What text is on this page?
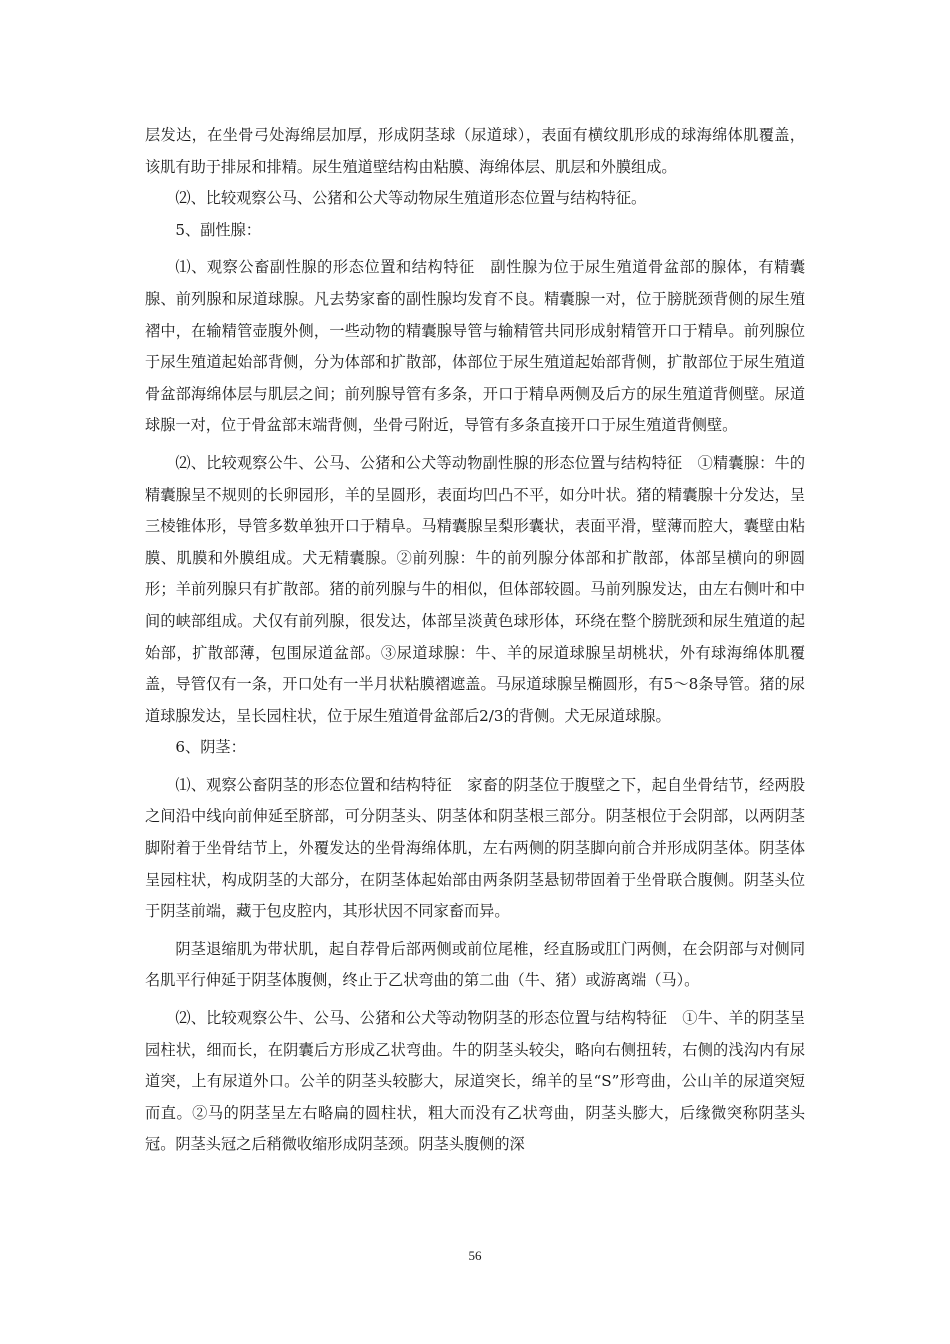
层发达，在坐骨弓处海绵层加厚，形成阴茎球（尿道球），表面有横纹肌形成的球海绵体肌覆盖，该肌有助于排尿和排精。尿生殖道壁结构由粘膜、海绵体层、肌层和外膜组成。

⑵、比较观察公马、公猪和公犬等动物尿生殖道形态位置与结构特征。

5、副性腺：

⑴、观察公畜副性腺的形态位置和结构特征　副性腺为位于尿生殖道骨盆部的腺体，有精囊腺、前列腺和尿道球腺。凡去势家畜的副性腺均发育不良。精囊腺一对，位于膀胱颈背侧的尿生殖褶中，在输精管壶腹外侧，一些动物的精囊腺导管与输精管共同形成射精管开口于精阜。前列腺位于尿生殖道起始部背侧，分为体部和扩散部，体部位于尿生殖道起始部背侧，扩散部位于尿生殖道骨盆部海绵体层与肌层之间；前列腺导管有多条，开口于精阜两侧及后方的尿生殖道背侧壁。尿道球腺一对，位于骨盆部末端背侧，坐骨弓附近，导管有多条直接开口于尿生殖道背侧壁。

⑵、比较观察公牛、公马、公猪和公犬等动物副性腺的形态位置与结构特征　①精囊腺：牛的精囊腺呈不规则的长卵园形，羊的呈圆形，表面均凹凸不平，如分叶状。猪的精囊腺十分发达，呈三棱锥体形，导管多数单独开口于精阜。马精囊腺呈梨形囊状，表面平滑，壁薄而腔大，囊壁由粘膜、肌膜和外膜组成。犬无精囊腺。②前列腺：牛的前列腺分体部和扩散部，体部呈横向的卵圆形；羊前列腺只有扩散部。猪的前列腺与牛的相似，但体部较圆。马前列腺发达，由左右侧叶和中间的峡部组成。犬仅有前列腺，很发达，体部呈淡黄色球形体，环绕在整个膀胱颈和尿生殖道的起始部，扩散部薄，包围尿道盆部。③尿道球腺：牛、羊的尿道球腺呈胡桃状，外有球海绵体肌覆盖，导管仅有一条，开口处有一半月状粘膜褶遮盖。马尿道球腺呈椭圆形，有5～8条导管。猪的尿道球腺发达，呈长园柱状，位于尿生殖道骨盆部后2/3的背侧。犬无尿道球腺。

6、阴茎：

⑴、观察公畜阴茎的形态位置和结构特征　家畜的阴茎位于腹壁之下，起自坐骨结节，经两股之间沿中线向前伸延至脐部，可分阴茎头、阴茎体和阴茎根三部分。阴茎根位于会阴部，以两阴茎脚附着于坐骨结节上，外覆发达的坐骨海绵体肌，左右两侧的阴茎脚向前合并形成阴茎体。阴茎体呈园柱状，构成阴茎的大部分，在阴茎体起始部由两条阴茎悬韧带固着于坐骨联合腹侧。阴茎头位于阴茎前端，藏于包皮腔内，其形状因不同家畜而异。

阴茎退缩肌为带状肌，起自荐骨后部两侧或前位尾椎，经直肠或肛门两侧，在会阴部与对侧同名肌平行伸延于阴茎体腹侧，终止于乙状弯曲的第二曲（牛、猪）或游离端（马）。

⑵、比较观察公牛、公马、公猪和公犬等动物阴茎的形态位置与结构特征　①牛、羊的阴茎呈园柱状，细而长，在阴囊后方形成乙状弯曲。牛的阴茎头较尖，略向右侧扭转，右侧的浅沟内有尿道突，上有尿道外口。公羊的阴茎头较膨大，尿道突长，绵羊的呈“S”形弯曲，公山羊的尿道突短而直。②马的阴茎呈左右略扁的圆柱状，粗大而没有乙状弯曲，阴茎头膨大，后缘微突称阴茎头冠。阴茎头冠之后稍微收缩形成阴茎颈。阴茎头腹侧的深

56
